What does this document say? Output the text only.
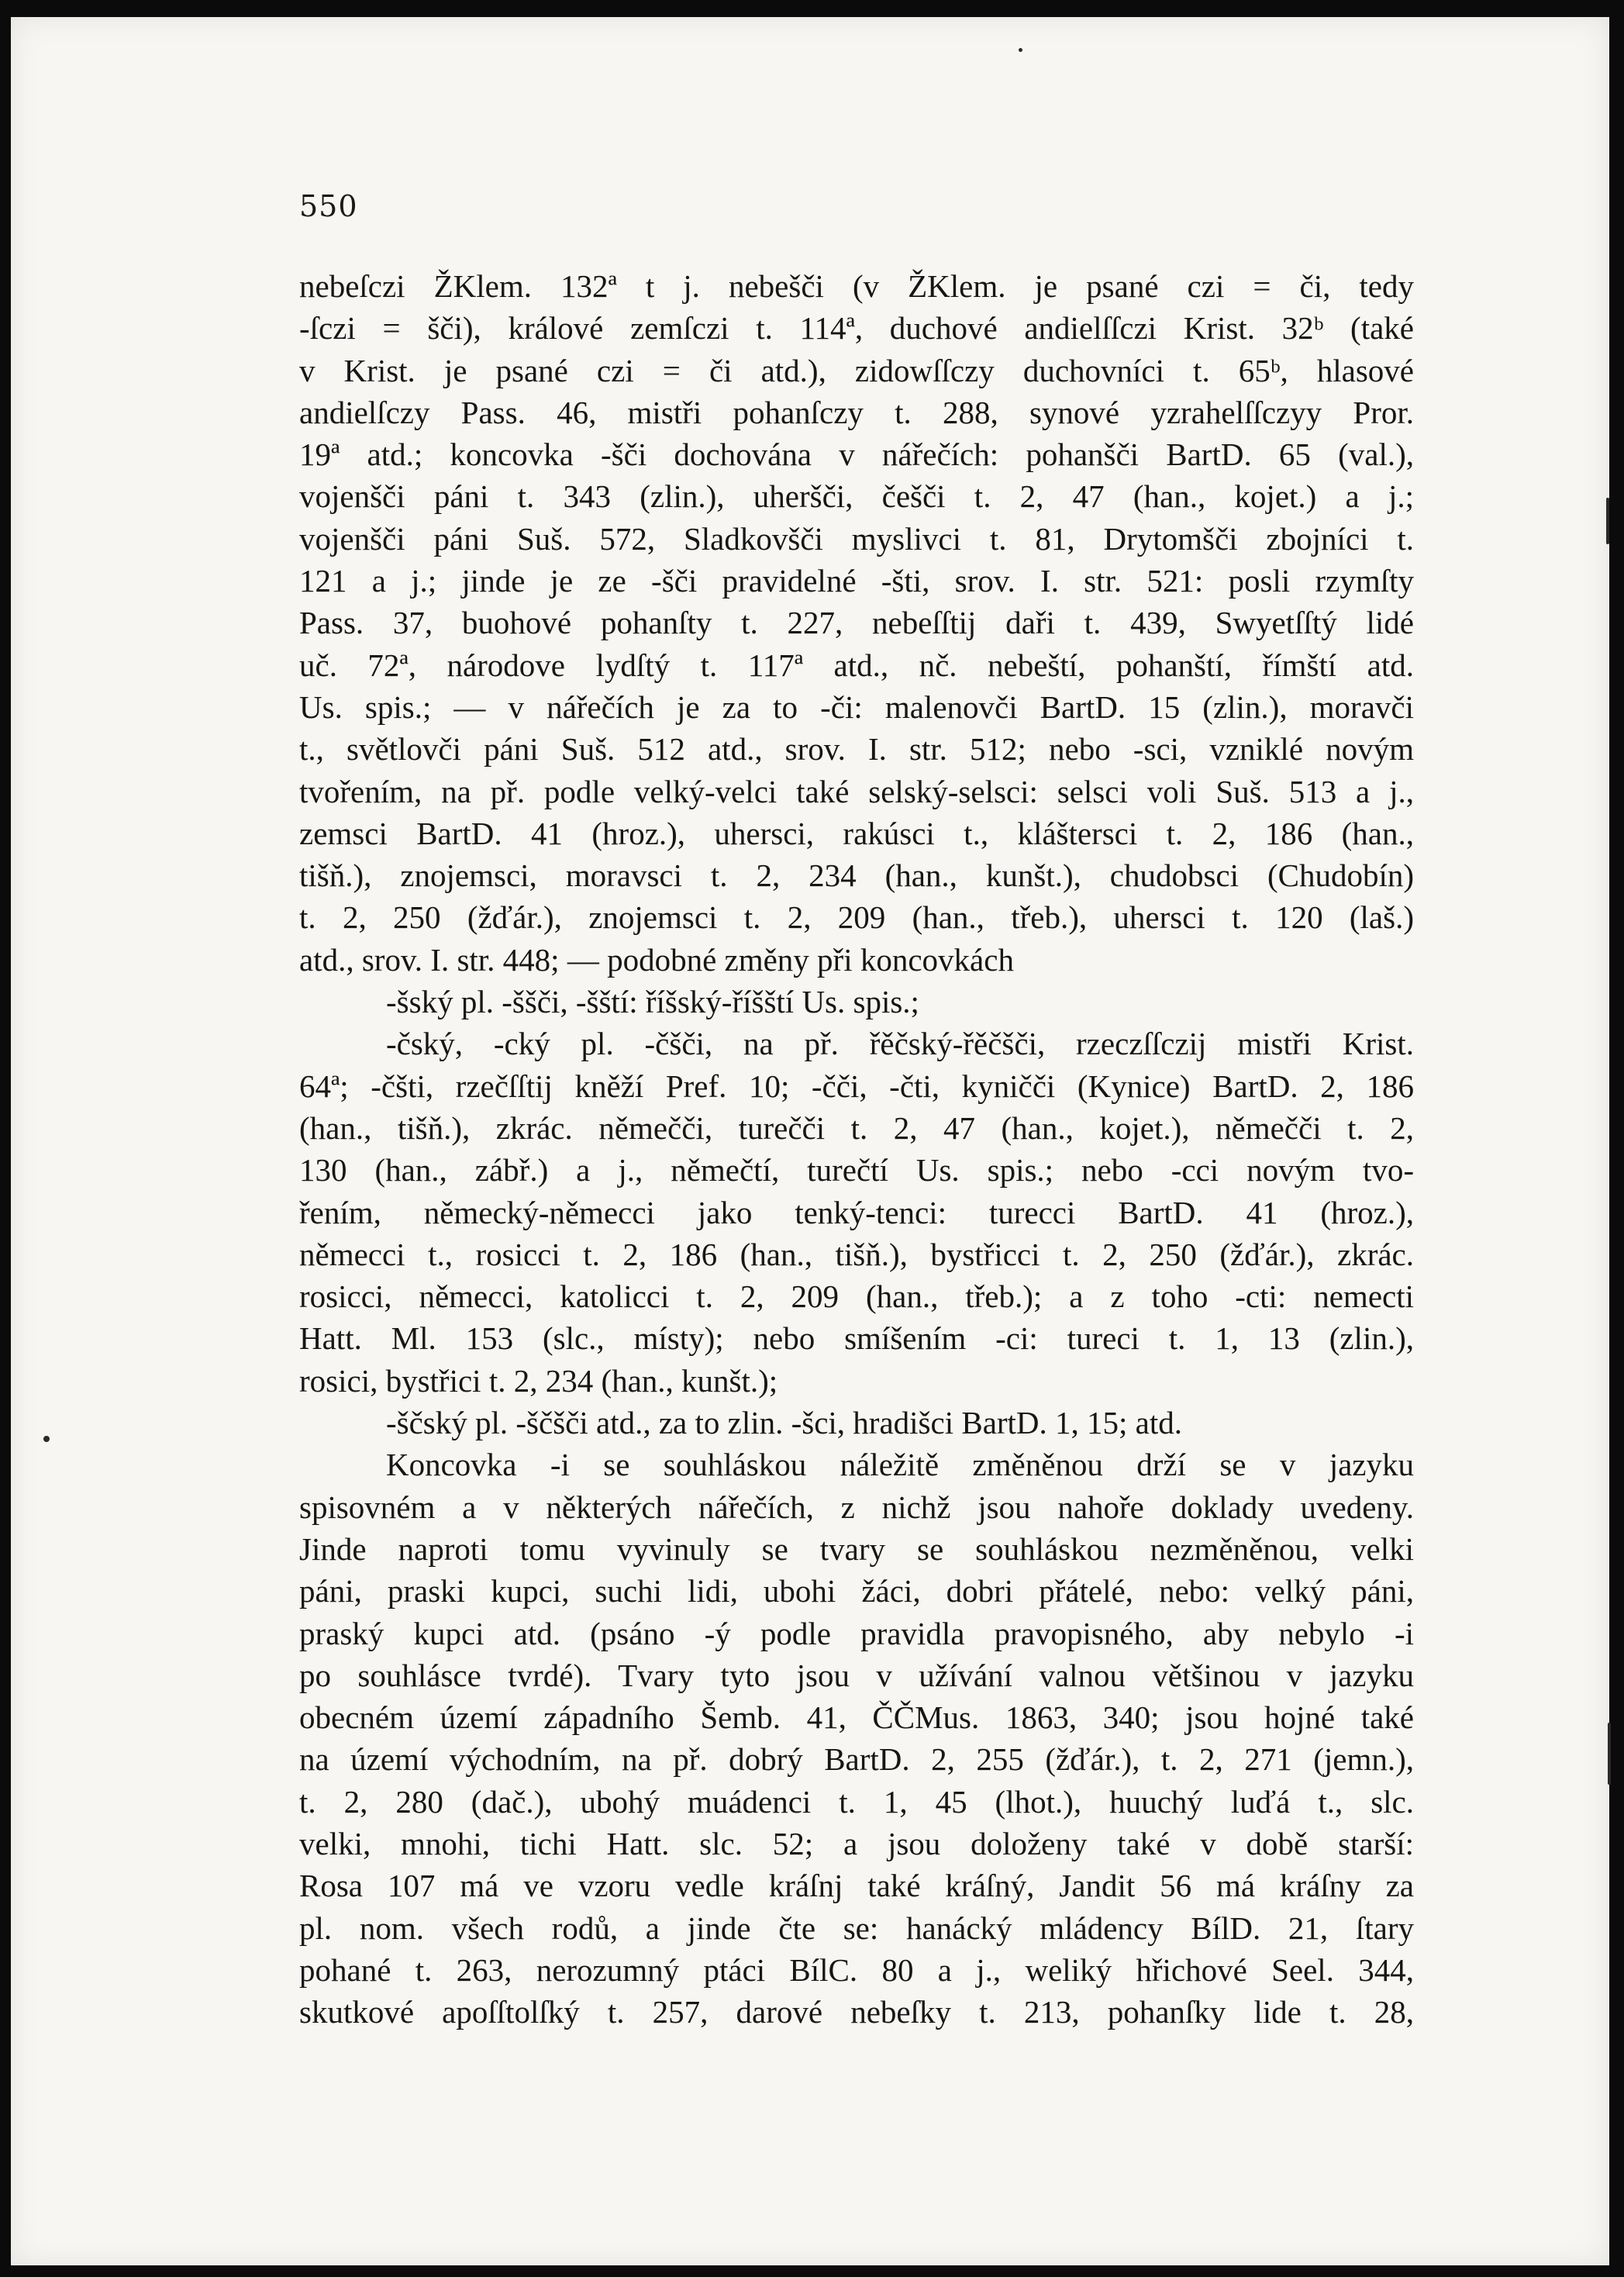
550
nebeſczi ŽKlem. 132ª t j. nebešči (v ŽKlem. je psané czi = či, tedy
-ſczi = šči), králové zemſczi t. 114ª, duchové andielſſczi Krist. 32ᵇ (také
v Krist. je psané czi = či atd.), zidowſſczy duchovníci t. 65ᵇ, hlasové
andielſczy Pass. 46, mistři pohanſczy t. 288, synové yzrahelſſczyy Pror.
19ª atd.; koncovka -šči dochována v nářečích: pohanšči BartD. 65 (val.),
vojenšči páni t. 343 (zlin.), uheršči, češči t. 2, 47 (han., kojet.) a j.;
vojenšči páni Suš. 572, Sladkovšči myslivci t. 81, Drytomšči zbojníci t.
121 a j.; jinde je ze -šči pravidelné -šti, srov. I. str. 521: posli rzymſty
Pass. 37, buohové pohanſty t. 227, nebeſſtij daři t. 439, Swyetſſtý lidé
uč. 72ª, národove lydſtý t. 117ª atd., nč. nebeští, pohanští, římští atd.
Us. spis.; — v nářečích je za to -či: malenovči BartD. 15 (zlin.), moravči
t., světlovči páni Suš. 512 atd., srov. I. str. 512; nebo -sci, vzniklé novým
tvořením, na př. podle velký-velci také selský-selsci: selsci voli Suš. 513 a j.,
zemsci BartD. 41 (hroz.), uhersci, rakúsci t., kláštersci t. 2, 186 (han.,
tišň.), znojemsci, moravsci t. 2, 234 (han., kunšt.), chudobsci (Chudobín)
t. 2, 250 (žďár.), znojemsci t. 2, 209 (han., třeb.), uhersci t. 120 (laš.)
atd., srov. I. str. 448; — podobné změny při koncovkách
-šský pl. -ššči, -šští: říšský-říšští Us. spis.;
-čský, -cký pl. -čšči, na př. řěčský-řěčšči, rzeczſſczij mistři Krist.
64ª; -čšti, rzečſſtij kněží Pref. 10; -čči, -čti, kyničči (Kynice) BartD. 2, 186
(han., tišň.), zkrác. němečči, turečči t. 2, 47 (han., kojet.), němečči t. 2,
130 (han., zábř.) a j., němečtí, turečtí Us. spis.; nebo -cci novým tvo-
řením, německý-němecci jako tenký-tenci: turecci BartD. 41 (hroz.),
němecci t., rosicci t. 2, 186 (han., tišň.), bystřicci t. 2, 250 (žďár.), zkrác.
rosicci, němecci, katolicci t. 2, 209 (han., třeb.); a z toho -cti: nemecti
Hatt. Ml. 153 (slc., místy); nebo smíšením -ci: tureci t. 1, 13 (zlin.),
rosici, bystřici t. 2, 234 (han., kunšt.);
-ščský pl. -ščšči atd., za to zlin. -šci, hradišci BartD. 1, 15; atd.
Koncovka -i se souhláskou náležitě změněnou drží se v jazyku
spisovném a v některých nářečích, z nichž jsou nahoře doklady uvedeny.
Jinde naproti tomu vyvinuly se tvary se souhláskou nezměněnou, velki
páni, praski kupci, suchi lidi, ubohi žáci, dobri přátelé, nebo: velký páni,
praský kupci atd. (psáno -ý podle pravidla pravopisného, aby nebylo -i
po souhlásce tvrdé). Tvary tyto jsou v užívání valnou většinou v jazyku
obecném území západního Šemb. 41, ČČMus. 1863, 340; jsou hojné také
na území východním, na př. dobrý BartD. 2, 255 (žďár.), t. 2, 271 (jemn.),
t. 2, 280 (dač.), ubohý muádenci t. 1, 45 (lhot.), huuchý luďá t., slc.
velki, mnohi, tichi Hatt. slc. 52; a jsou doloženy také v době starší:
Rosa 107 má ve vzoru vedle kráſnj také kráſný, Jandit 56 má kráſny za
pl. nom. všech rodů, a jinde čte se: hanácký mládency BílD. 21, ſtary
pohané t. 263, nerozumný ptáci BílC. 80 a j., weliký hřichové Seel. 344,
skutkové apoſſtolſký t. 257, darové nebeſky t. 213, pohanſky lide t. 28,
